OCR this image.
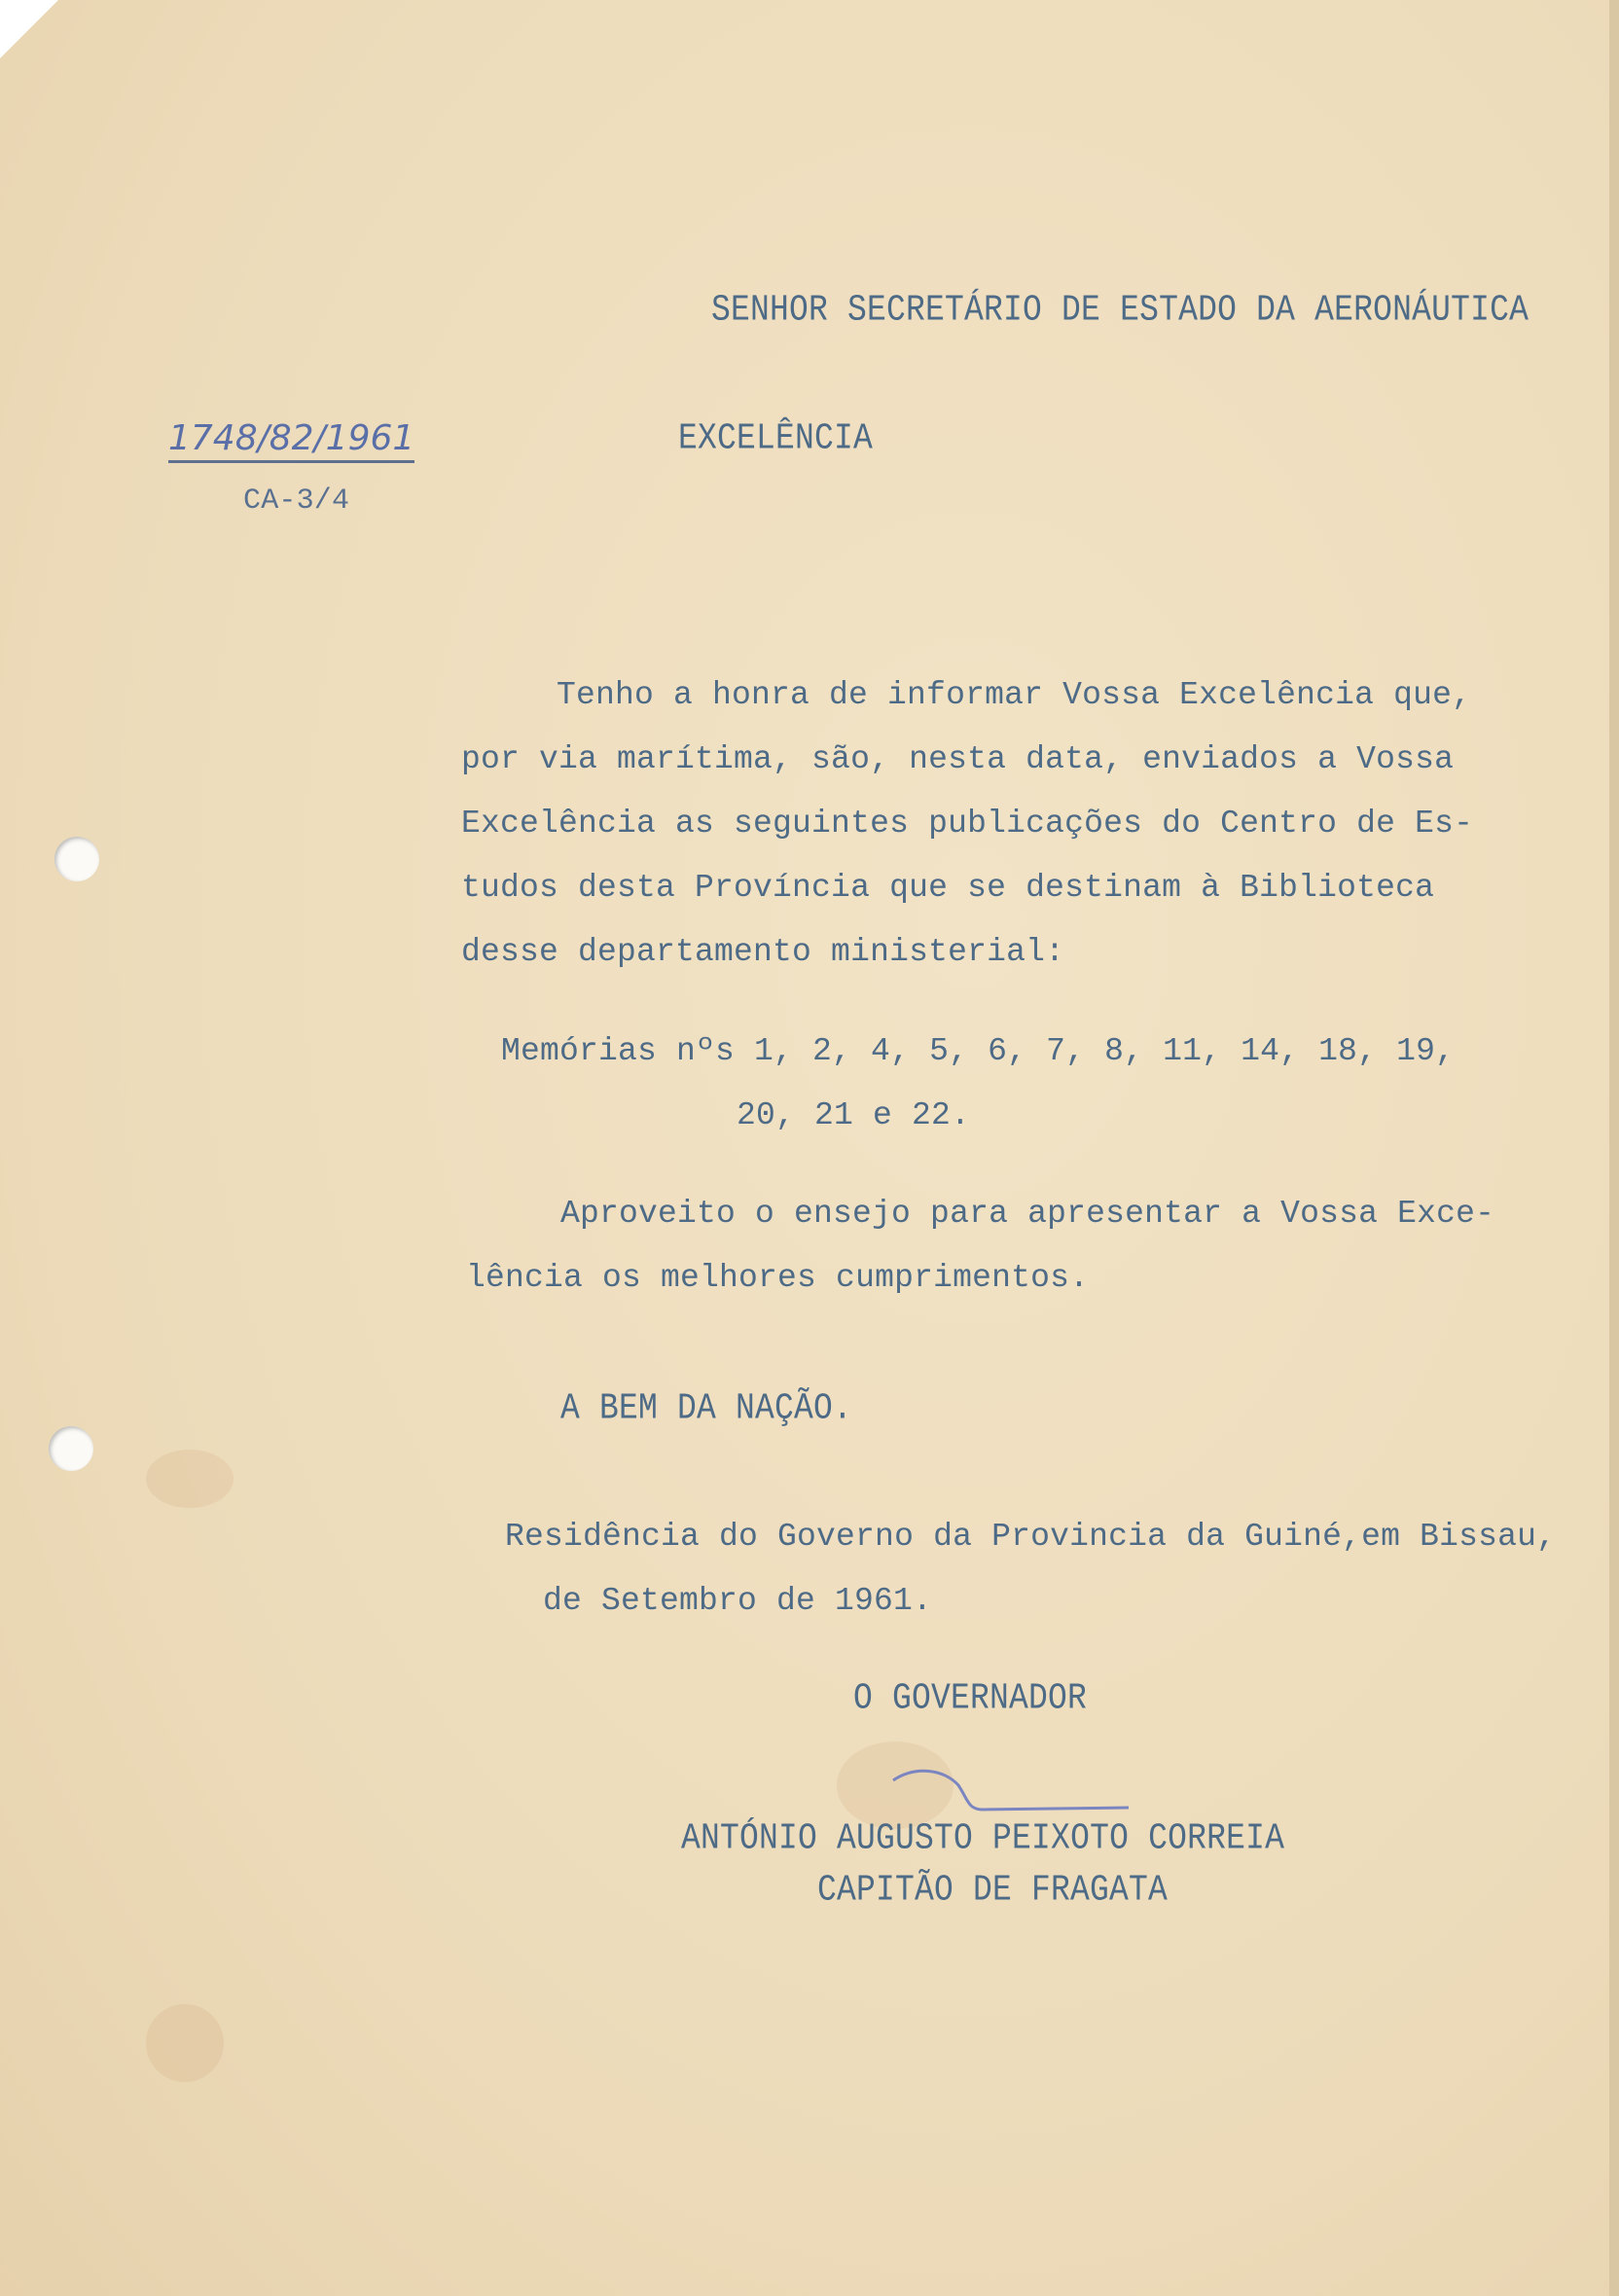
SENHOR SECRETÁRIO DE ESTADO DA AERONÁUTICA
1748/82/1961
CA-3/4
EXCELÊNCIA
Tenho a honra de informar Vossa Excelência que,
por via marítima, são, nesta data, enviados a Vossa
Excelência as seguintes publicações do Centro de Es-
tudos desta Província que se destinam à Biblioteca
desse departamento ministerial:
Memórias nºs 1, 2, 4, 5, 6, 7, 8, 11, 14, 18, 19,
20, 21 e 22.
Aproveito o ensejo para apresentar a Vossa Exce-
lência os melhores cumprimentos.
A BEM DA NAÇÃO.
Residência do Governo da Provincia da Guiné,em Bissau,
de Setembro de 1961.
O GOVERNADOR
ANTÓNIO AUGUSTO PEIXOTO CORREIA
CAPITÃO DE FRAGATA
